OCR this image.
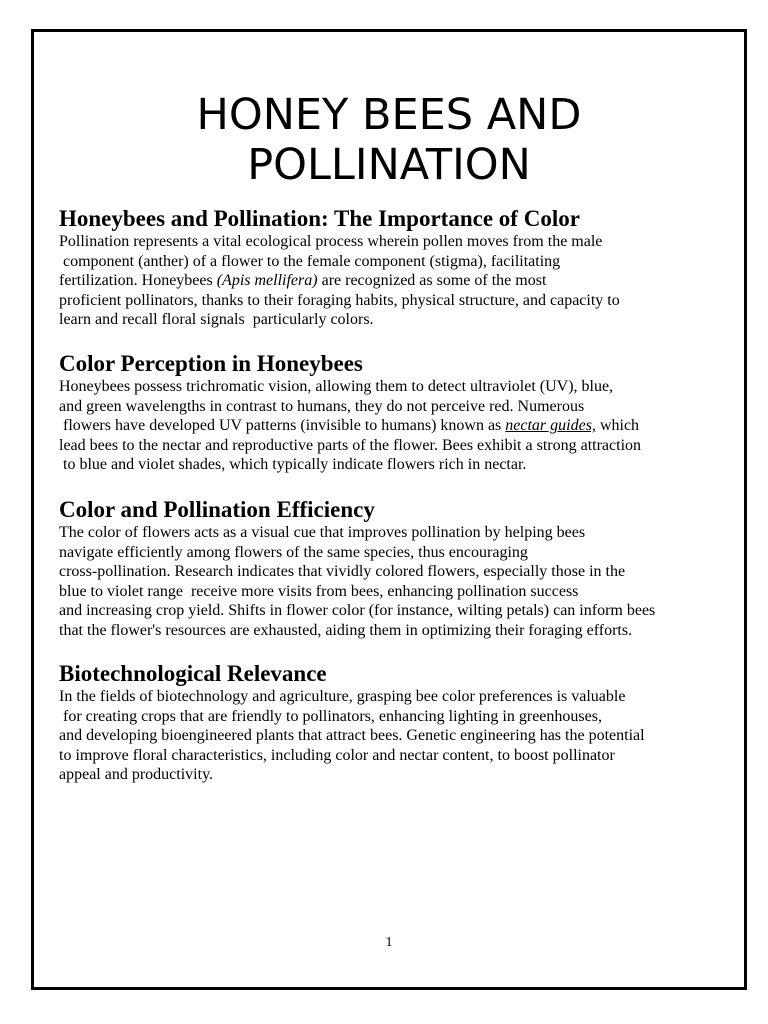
HONEY BEES AND
POLLINATION
Honeybees and Pollination: The Importance of Color
Pollination represents a vital ecological process wherein pollen moves from the male
component (anther) of a flower to the female component (stigma), facilitating
fertilization. Honeybees (Apis mellifera) are recognized as some of the most
proficient pollinators, thanks to their foraging habits, physical structure, and capacity to
learn and recall floral signals  particularly colors.
Color Perception in Honeybees
Honeybees possess trichromatic vision, allowing them to detect ultraviolet (UV), blue,
and green wavelengths in contrast to humans, they do not perceive red. Numerous
flowers have developed UV patterns (invisible to humans) known as nectar guides, which
lead bees to the nectar and reproductive parts of the flower. Bees exhibit a strong attraction
to blue and violet shades, which typically indicate flowers rich in nectar.
Color and Pollination Efficiency
The color of flowers acts as a visual cue that improves pollination by helping bees
navigate efficiently among flowers of the same species, thus encouraging
cross-pollination. Research indicates that vividly colored flowers, especially those in the
blue to violet range  receive more visits from bees, enhancing pollination success
and increasing crop yield. Shifts in flower color (for instance, wilting petals) can inform bees
that the flower's resources are exhausted, aiding them in optimizing their foraging efforts.
Biotechnological Relevance
In the fields of biotechnology and agriculture, grasping bee color preferences is valuable
for creating crops that are friendly to pollinators, enhancing lighting in greenhouses,
and developing bioengineered plants that attract bees. Genetic engineering has the potential
to improve floral characteristics, including color and nectar content, to boost pollinator
appeal and productivity.
1
